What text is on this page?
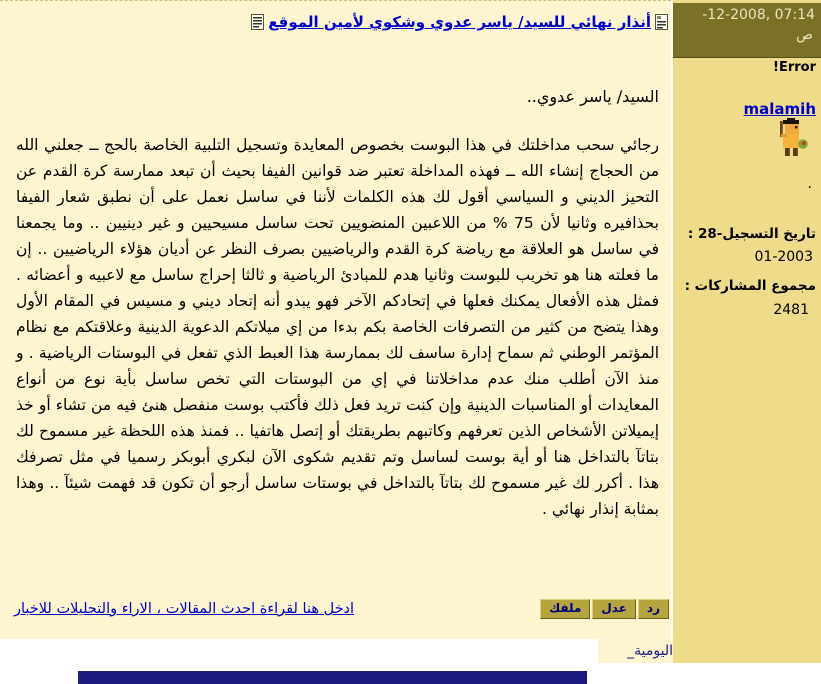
أنذار نهائي للسيد/ ياسر عدوي وشكوي لأمين الموقع
السيد/ ياسر عدوي..
رجائي سحب مداخلتك في هذا البوست بخصوص المعايدة وتسجيل التلبية الخاصة بالحج ــ جعلني الله من الحجاج إنشاء الله ــ فهذه المداخلة تعتبر ضد قوانين الفيفا بحيث أن تبعد ممارسة كرة القدم عن التحيز الديني و السياسي أقول لك هذه الكلمات لأننا في ساسل نعمل على أن نطبق شعار الفيفا بحذافيره وثانيا لأن 75 % من اللاعبين المنضويين تحت ساسل مسيحيين و غير دينيين .. وما يجمعنا في ساسل هو العلاقة مع رياضة كرة القدم والرياضيين بصرف النظر عن أديان هؤلاء الرياضيين .. إن ما فعلته هنا هو تخريب للبوست وثانيا هدم للمبادئ الرياضية و ثالثا إحراج ساسل مع لاعبيه و أعضائه . فمثل هذه الأفعال يمكنك فعلها في إتحادكم الآخر فهو يبدو أنه إتحاد ديني و مسيس في المقام الأول وهذا يتضح من كثير من التصرفات الخاصة بكم بدءا من إي ميلاتكم الدعوية الدينية وعلاقتكم مع نظام المؤتمر الوطني ثم سماح إدارة ساسف لك بممارسة هذا العبط الذي تفعل في البوستات الرياضية . و منذ الآن أطلب منك عدم مداخلاتنا في إي من البوستات التي تخص ساسل بأية نوع من أنواع المعايدات أو المناسبات الدينية وإن كنت تريد فعل ذلك فأكتب بوست منفصل هنئ فيه من تشاء أو خذ إيميلاتن الأشخاص الذين تعرفهم وكاتبهم بطريقتك أو إتصل هاتفيا .. فمنذ هذه اللحظة غير مسموح لك بتاتآ بالتداخل هنا أو أية بوست لساسل وتم تقديم شكوى الآن لبكري أبوبكر رسميا في مثل تصرفك هذا . أكرر لك غير مسموح لك بتاتآ بالتداخل في بوستات ساسل أرجو أن تكون قد فهمت شيئآ .. وهذا بمثابة إنذار نهائي .
ادخل هنا لقراءة احدث المقالات ، الاراء والتحليلات للاخبار	ملفك	عدل	رد
اليومية_
-12-2008, 07:14
ص
Error!
malamih
.
تاريخ التسجيل-28 :
01-2003
مجموع المشاركات :
2481
